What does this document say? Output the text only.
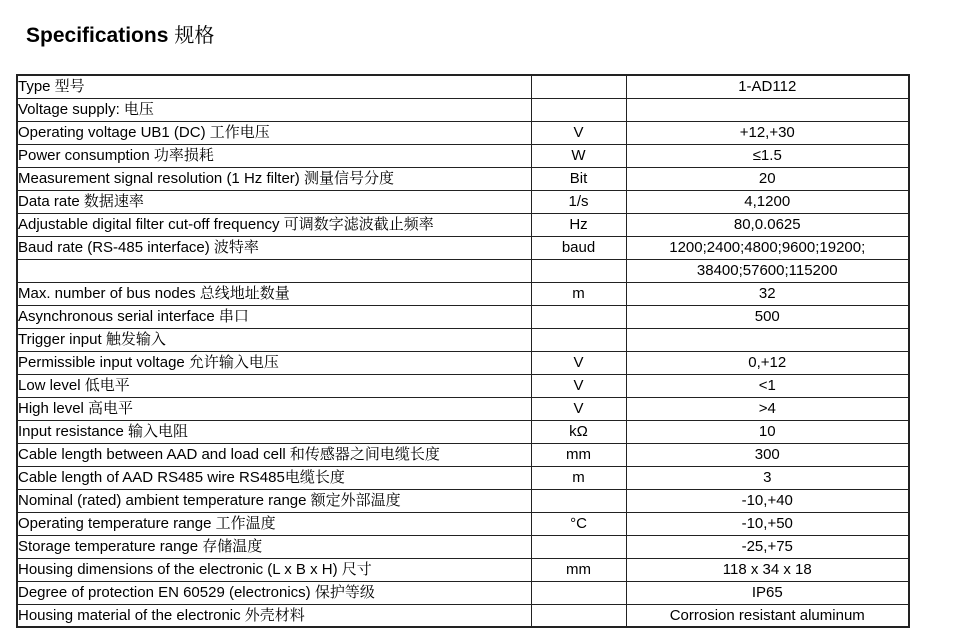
Specifications 规格
Type 型号		1-AD112
Voltage supply: 电压		
Operating voltage UB1 (DC) 工作电压	V	+12,+30
Power consumption 功率损耗	W	≤1.5
Measurement signal resolution (1 Hz filter) 测量信号分度	Bit	20
Data rate 数据速率	1/s	4,1200
Adjustable digital filter cut-off frequency 可调数字滤波截止频率	Hz	80,0.0625
Baud rate (RS-485 interface) 波特率	baud	1200;2400;4800;9600;19200;
		38400;57600;115200
Max. number of bus nodes 总线地址数量	m	32
Asynchronous serial interface 串口		500
Trigger input 触发输入		
Permissible input voltage 允许输入电压	V	0,+12
Low level 低电平	V	<1
High level 高电平	V	>4
Input resistance 输入电阻	kΩ	10
Cable length between AAD and load cell 和传感器之间电缆长度	mm	300
Cable length of AAD RS485 wire RS485电缆长度	m	3
Nominal (rated) ambient temperature range 额定外部温度		-10,+40
Operating temperature range 工作温度	°C	-10,+50
Storage temperature range 存储温度		-25,+75
Housing dimensions of the electronic (L x B x H) 尺寸	mm	118 x 34 x 18
Degree of protection EN 60529 (electronics) 保护等级		IP65
Housing material of the electronic 外壳材料		Corrosion resistant aluminum
